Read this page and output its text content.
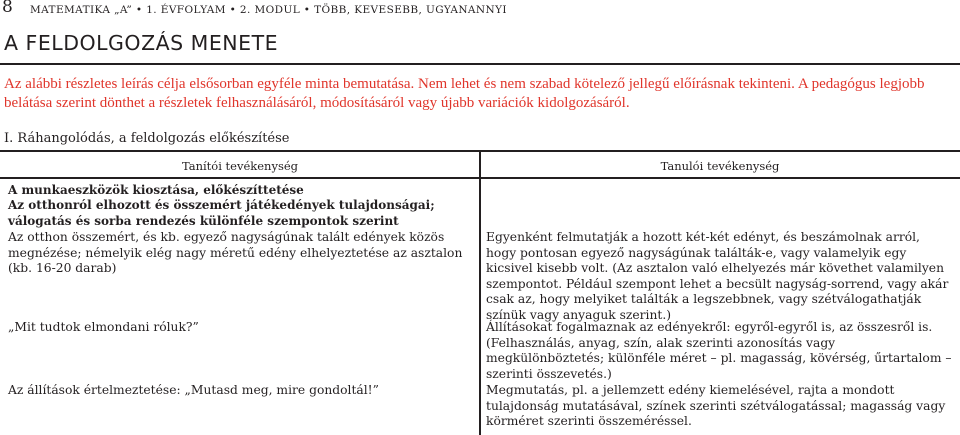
8 MATEMATIKA „A” • 1. ÉVFOLYAM • 2. MODUL • TÖBB, KEVESEBB, UGYANANNYI
A FELDOLGOZÁS MENETE

Az alábbi részletes leírás célja elsősorban egyféle minta bemutatása. Nem lehet és nem szabad kötelező jellegű előírásnak tekinteni. A pedagógus legjobb belátása szerint dönthet a részletek felhasználásáról, módosításáról vagy újabb variációk kidolgozásáról.

I. Ráhangolódás, a feldolgozás előkészítése

Tanítói tevékenység	Tanulói tevékenység

A munkaeszközök kiosztása, előkészíttetése

Az otthonról elhozott és összemért játékedények tulajdonságai; válogatás és sorba rendezés különféle szempontok szerint

Az otthon összemért, és kb. egyező nagyságúnak talált edények közös megnézése; némelyik elég nagy méretű edény elhelyeztetése az asztalon (kb. 16-20 darab)

„Mit tudtok elmondani róluk?”

Az állítások értelmeztetése: „Mutasd meg, mire gondoltál!”

Egyenként felmutatják a hozott két-két edényt, és beszámolnak arról, hogy pontosan egyező nagyságúnak találták-e, vagy valamelyik egy kicsivel kisebb volt. (Az asztalon való elhelyezés már követhet valamilyen szempontot. Például szempont lehet a becsült nagyság-sorrend, vagy akár csak az, hogy melyiket találták a legszebbnek, vagy szétválogathatják színük vagy anyaguk szerint.)

Állításokat fogalmaznak az edényekről: egyről-egyről is, az összesről is. (Felhasználás, anyag, szín, alak szerinti azonosítás vagy megkülönböztetés; különféle méret – pl. magasság, kövérség, űrtartalom – szerinti összevetés.)

Megmutatás, pl. a jellemzett edény kiemelésével, rajta a mondott tulajdonság mutatásával, színek szerinti szétválogatással; magasság vagy körméret szerinti összeméréssel.
